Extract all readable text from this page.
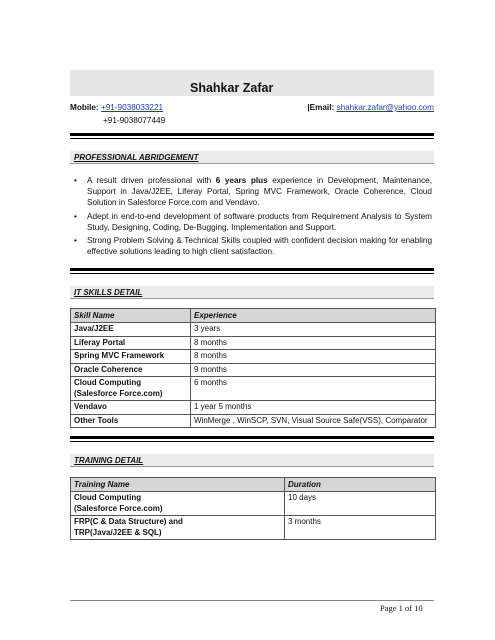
Shahkar Zafar
Mobile: +91-9038033221	|Email: shahkar.zafar@yahoo.com
+91-9038077449
PROFESSIONAL ABRIDGEMENT
• A result driven professional with 6 years plus experience in Development, Maintenance, Support in Java/J2EE, Liferay Portal, Spring MVC Framework, Oracle Coherence, Cloud Solution in Salesforce Force.com and Vendavo.
• Adept in end-to-end development of software products from Requirement Analysis to System Study, Designing, Coding, De-Bugging, Implementation and Support.
• Strong Problem Solving & Technical Skills coupled with confident decision making for enabling effective solutions leading to high client satisfaction.
IT SKILLS DETAIL
Skill Name	Experience
Java/J2EE	3 years
Liferay Portal	8 months
Spring MVC Framework	8 months
Oracle Coherence	9 months
Cloud Computing
(Salesforce Force.com)	6 months
Vendavo	1 year 5 months
Other Tools	WinMerge , WinSCP, SVN, Visual Source Safe(VSS), Comparator
TRAINING DETAIL
Training Name	Duration
Cloud Computing
(Salesforce Force.com)	10 days
FRP(C & Data Structure) and
TRP(Java/J2EE & SQL)	3 months
Page 1 of 10
